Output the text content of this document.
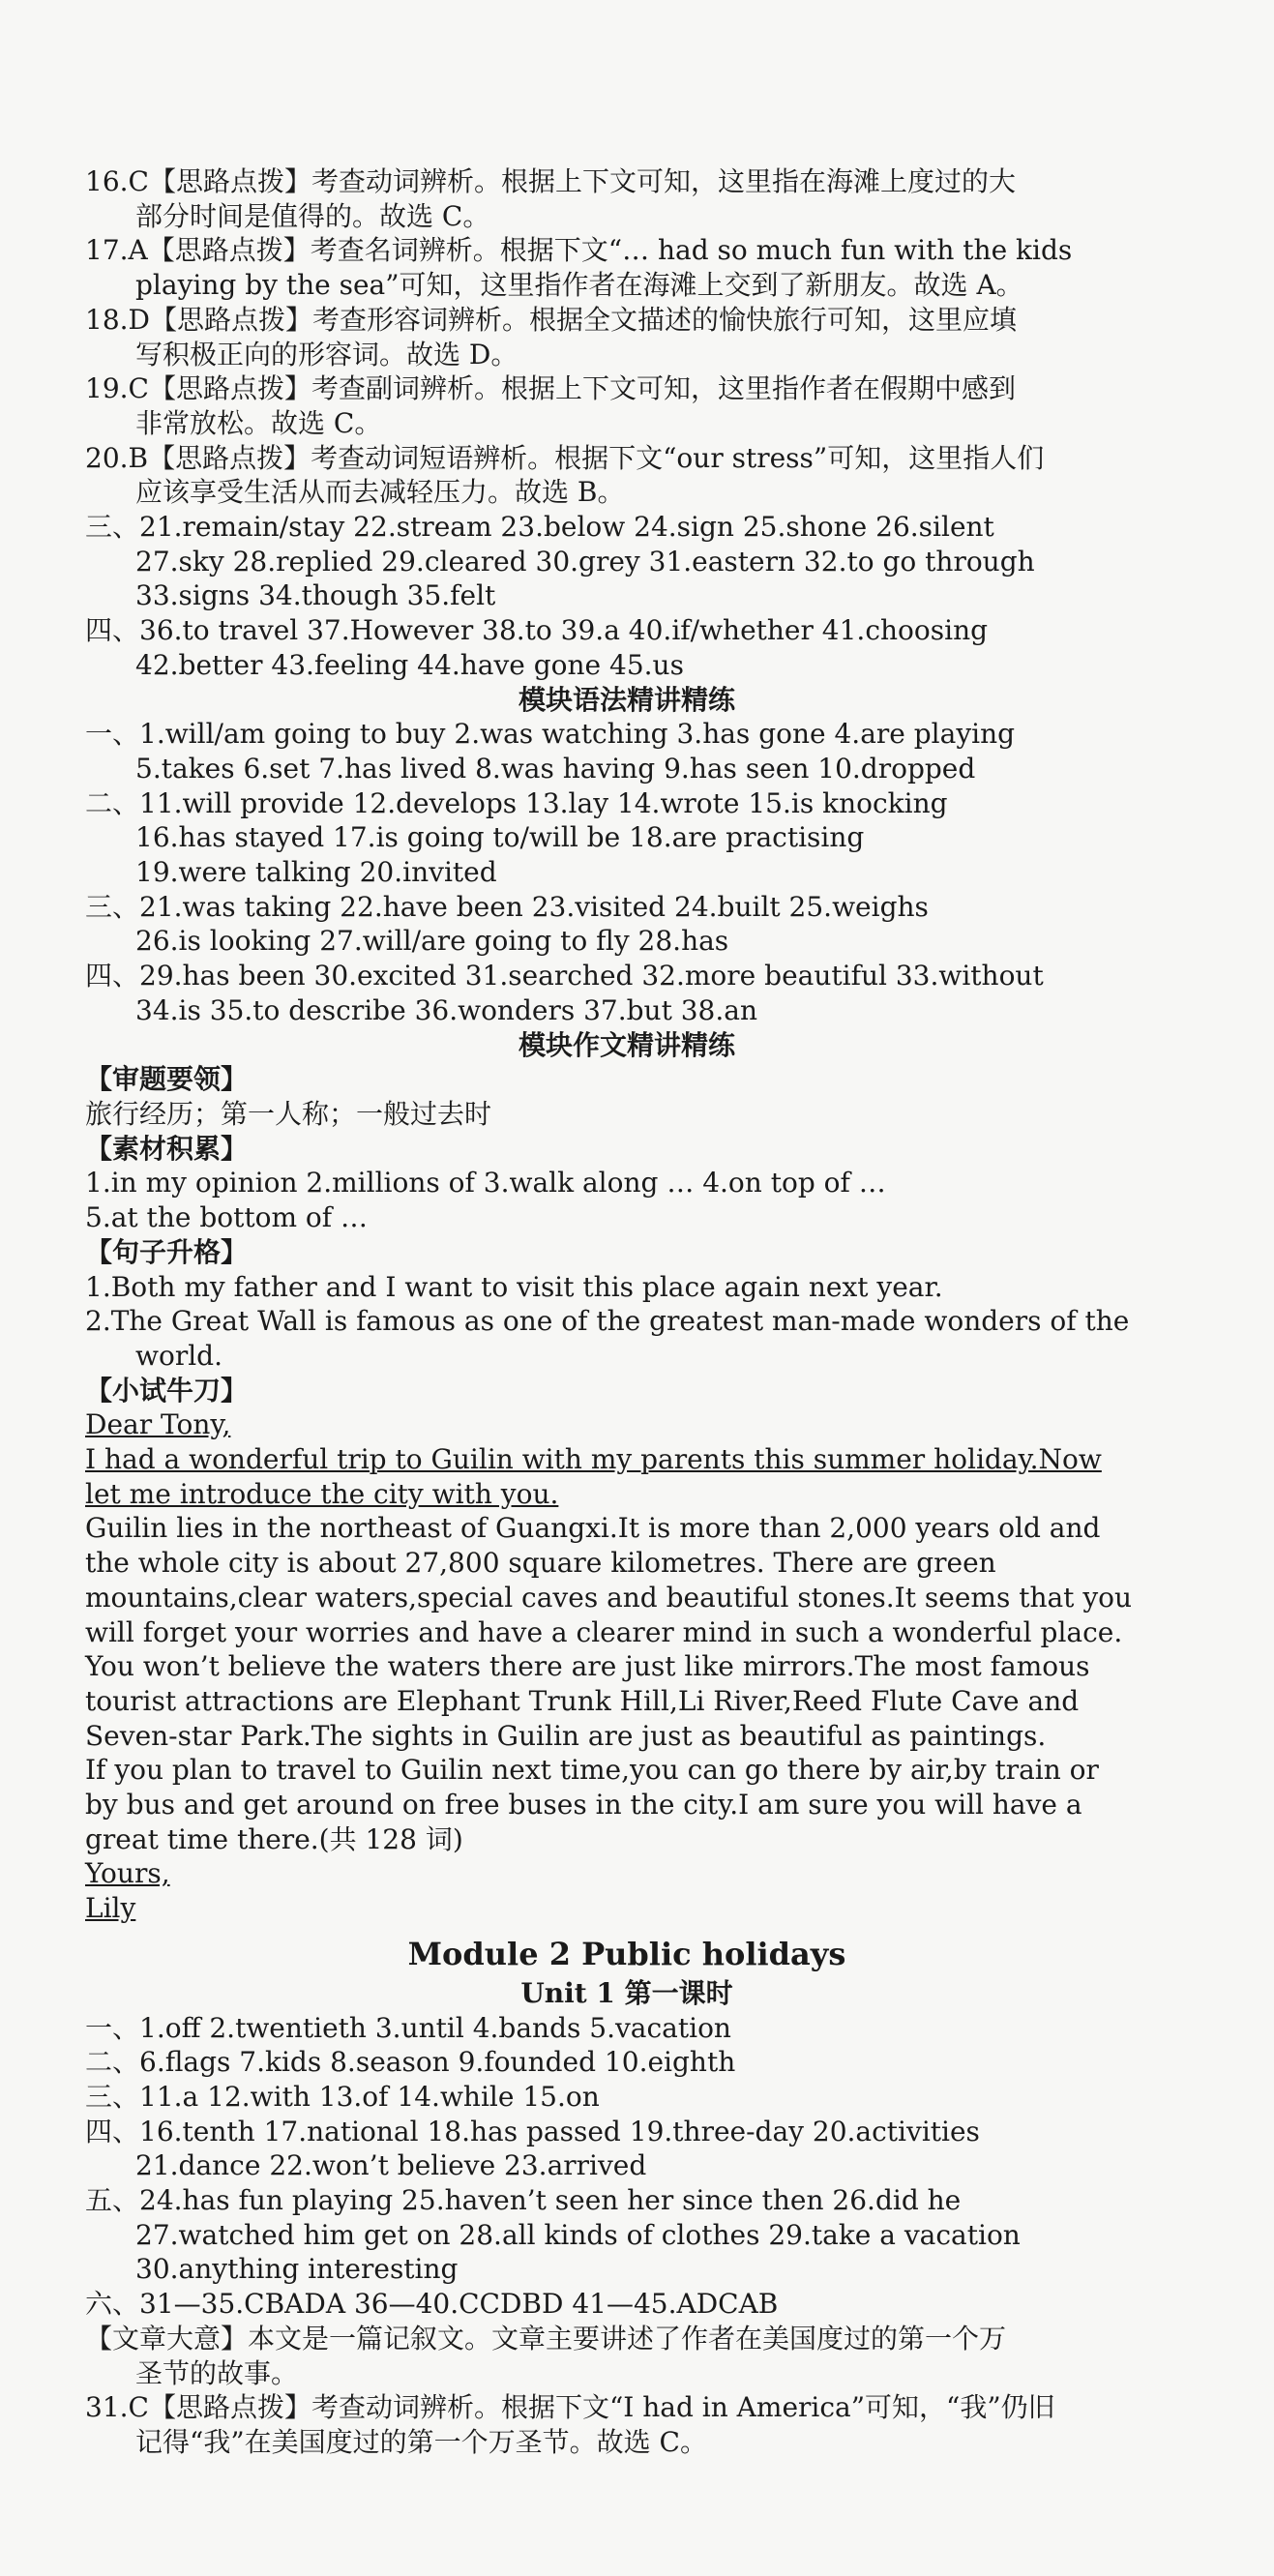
16.C【思路点拨】考查动词辨析。根据上下文可知，这里指在海滩上度过的大
部分时间是值得的。故选 C。
17.A【思路点拨】考查名词辨析。根据下文“… had so much fun with the kids
playing by the sea”可知，这里指作者在海滩上交到了新朋友。故选 A。
18.D【思路点拨】考查形容词辨析。根据全文描述的愉快旅行可知，这里应填
写积极正向的形容词。故选 D。
19.C【思路点拨】考查副词辨析。根据上下文可知，这里指作者在假期中感到
非常放松。故选 C。
20.B【思路点拨】考查动词短语辨析。根据下文“our stress”可知，这里指人们
应该享受生活从而去减轻压力。故选 B。
三、21.remain/stay 22.stream 23.below 24.sign 25.shone 26.silent
27.sky 28.replied 29.cleared 30.grey 31.eastern 32.to go through
33.signs 34.though 35.felt
四、36.to travel 37.However 38.to 39.a 40.if/whether 41.choosing
42.better 43.feeling 44.have gone 45.us
模块语法精讲精练
一、1.will/am going to buy 2.was watching 3.has gone 4.are playing
5.takes 6.set 7.has lived 8.was having 9.has seen 10.dropped
二、11.will provide 12.develops 13.lay 14.wrote 15.is knocking
16.has stayed 17.is going to/will be 18.are practising
19.were talking 20.invited
三、21.was taking 22.have been 23.visited 24.built 25.weighs
26.is looking 27.will/are going to fly 28.has
四、29.has been 30.excited 31.searched 32.more beautiful 33.without
34.is 35.to describe 36.wonders 37.but 38.an
模块作文精讲精练
【审题要领】
旅行经历；第一人称；一般过去时
【素材积累】
1.in my opinion 2.millions of 3.walk along … 4.on top of …
5.at the bottom of …
【句子升格】
1.Both my father and I want to visit this place again next year.
2.The Great Wall is famous as one of the greatest man-made wonders of the
world.
【小试牛刀】
Dear Tony,
I had a wonderful trip to Guilin with my parents this summer holiday.Now
let me introduce the city with you.
Guilin lies in the northeast of Guangxi.It is more than 2,000 years old and
the whole city is about 27,800 square kilometres. There are green
mountains,clear waters,special caves and beautiful stones.It seems that you
will forget your worries and have a clearer mind in such a wonderful place.
You won’t believe the waters there are just like mirrors.The most famous
tourist attractions are Elephant Trunk Hill,Li River,Reed Flute Cave and
Seven-star Park.The sights in Guilin are just as beautiful as paintings.
If you plan to travel to Guilin next time,you can go there by air,by train or
by bus and get around on free buses in the city.I am sure you will have a
great time there.(共 128 词)
Yours,
Lily
Module 2 Public holidays
Unit 1 第一课时
一、1.off 2.twentieth 3.until 4.bands 5.vacation
二、6.flags 7.kids 8.season 9.founded 10.eighth
三、11.a 12.with 13.of 14.while 15.on
四、16.tenth 17.national 18.has passed 19.three-day 20.activities
21.dance 22.won’t believe 23.arrived
五、24.has fun playing 25.haven’t seen her since then 26.did he
27.watched him get on 28.all kinds of clothes 29.take a vacation
30.anything interesting
六、31—35.CBADA 36—40.CCDBD 41—45.ADCAB
【文章大意】本文是一篇记叙文。文章主要讲述了作者在美国度过的第一个万
圣节的故事。
31.C【思路点拨】考查动词辨析。根据下文“I had in America”可知，“我”仍旧
记得“我”在美国度过的第一个万圣节。故选 C。
